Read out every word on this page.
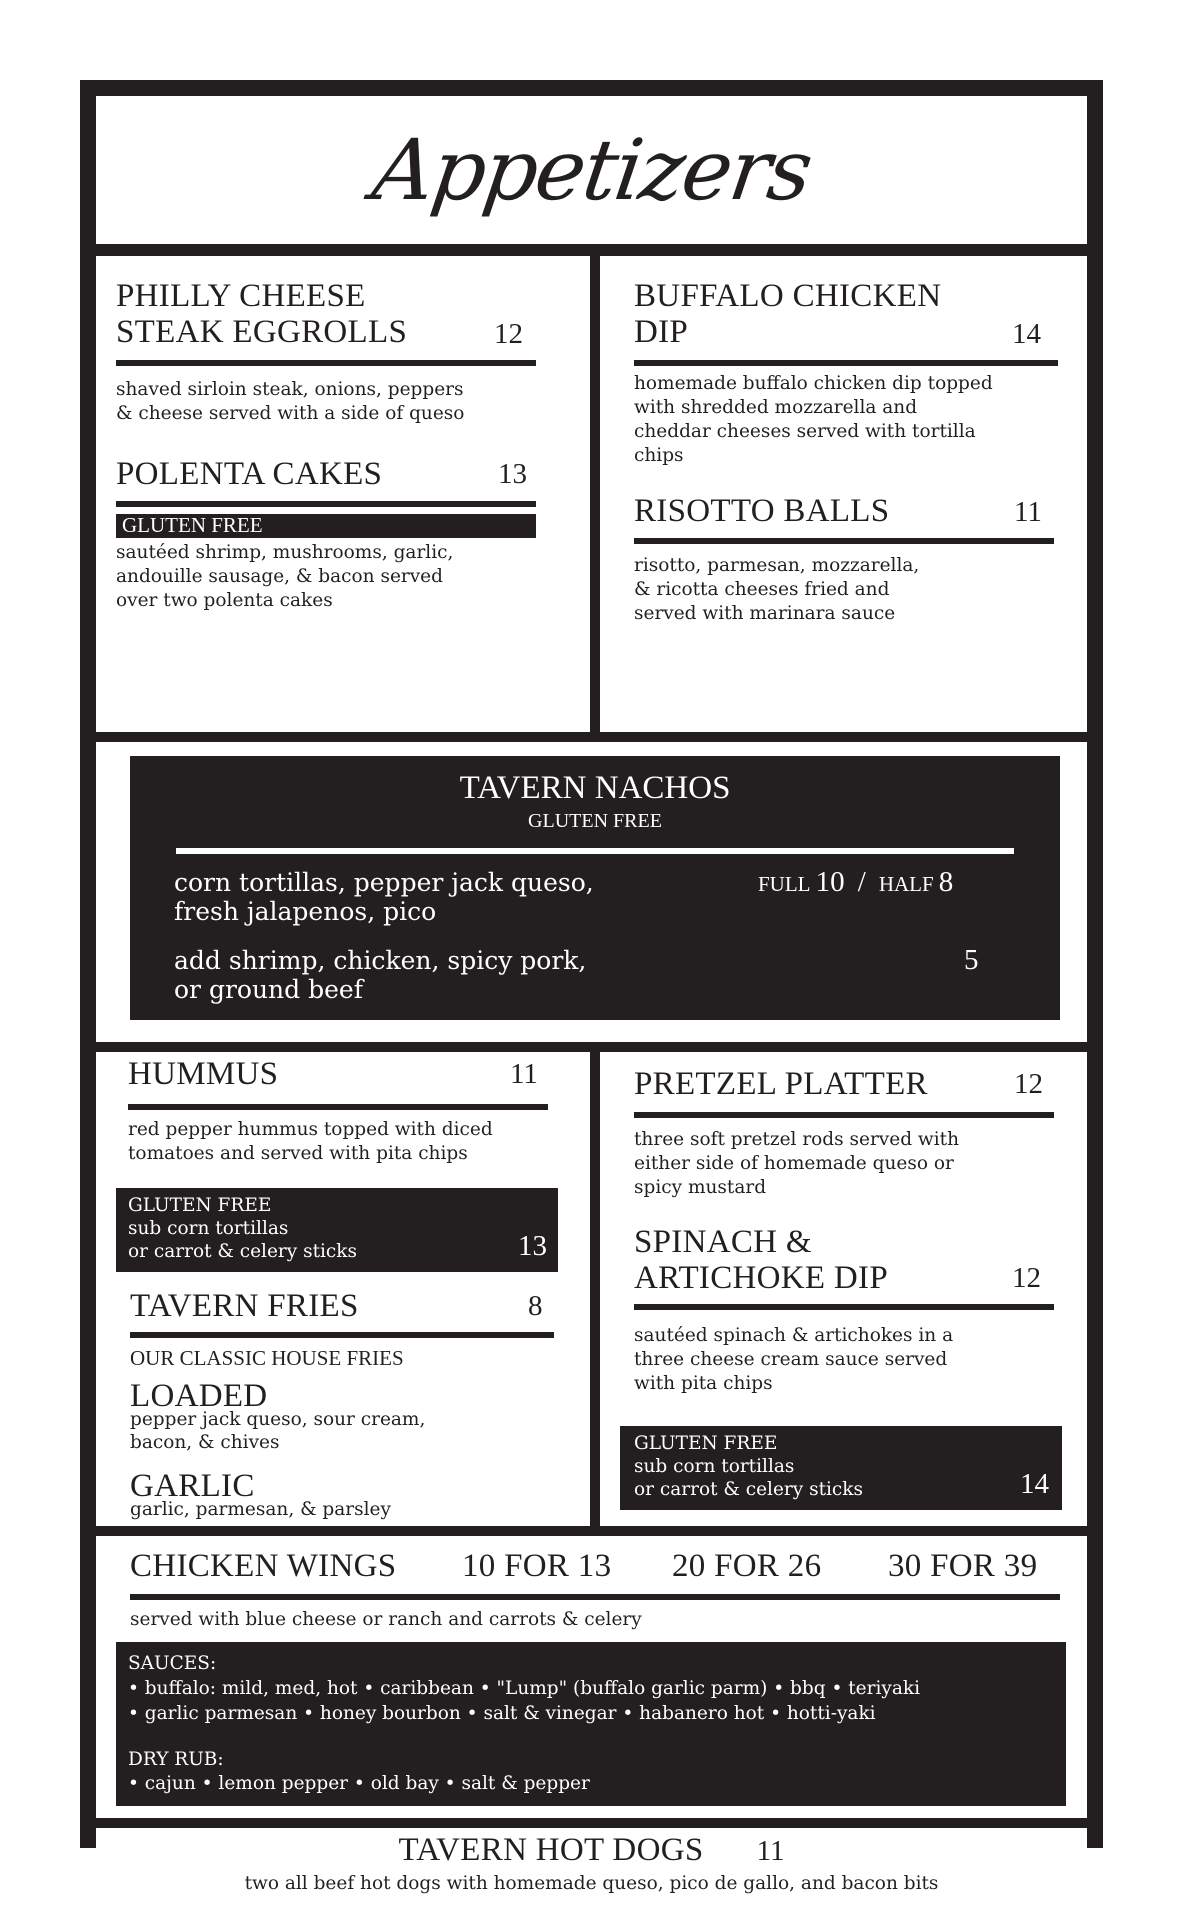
Appetizers
PHILLY CHEESE
STEAK EGGROLLS	12
shaved sirloin steak, onions, peppers
& cheese served with a side of queso
POLENTA CAKES	13
GLUTEN FREE
sautéed shrimp, mushrooms, garlic,
andouille sausage, & bacon served
over two polenta cakes
BUFFALO CHICKEN
DIP	14
homemade buffalo chicken dip topped
with shredded mozzarella and
cheddar cheeses served with tortilla
chips
RISOTTO BALLS	11
risotto, parmesan, mozzarella,
& ricotta cheeses fried and
served with marinara sauce
TAVERN NACHOS
GLUTEN FREE
corn tortillas, pepper jack queso,
fresh jalapenos, pico
FULL 10 / HALF 8
add shrimp, chicken, spicy pork,
or ground beef
5
HUMMUS	11
red pepper hummus topped with diced
tomatoes and served with pita chips
GLUTEN FREE
sub corn tortillas
or carrot & celery sticks	13
TAVERN FRIES	8
OUR CLASSIC HOUSE FRIES
LOADED
pepper jack queso, sour cream,
bacon, & chives
GARLIC
garlic, parmesan, & parsley
PRETZEL PLATTER	12
three soft pretzel rods served with
either side of homemade queso or
spicy mustard
SPINACH &
ARTICHOKE DIP	12
sautéed spinach & artichokes in a
three cheese cream sauce served
with pita chips
GLUTEN FREE
sub corn tortillas
or carrot & celery sticks	14
CHICKEN WINGS 10 FOR 13 20 FOR 26 30 FOR 39
served with blue cheese or ranch and carrots & celery
SAUCES:
• buffalo: mild, med, hot • caribbean • "Lump" (buffalo garlic parm) • bbq • teriyaki
• garlic parmesan • honey bourbon • salt & vinegar • habanero hot • hotti-yaki
DRY RUB:
• cajun • lemon pepper • old bay • salt & pepper
TAVERN HOT DOGS 11
two all beef hot dogs with homemade queso, pico de gallo, and bacon bits
